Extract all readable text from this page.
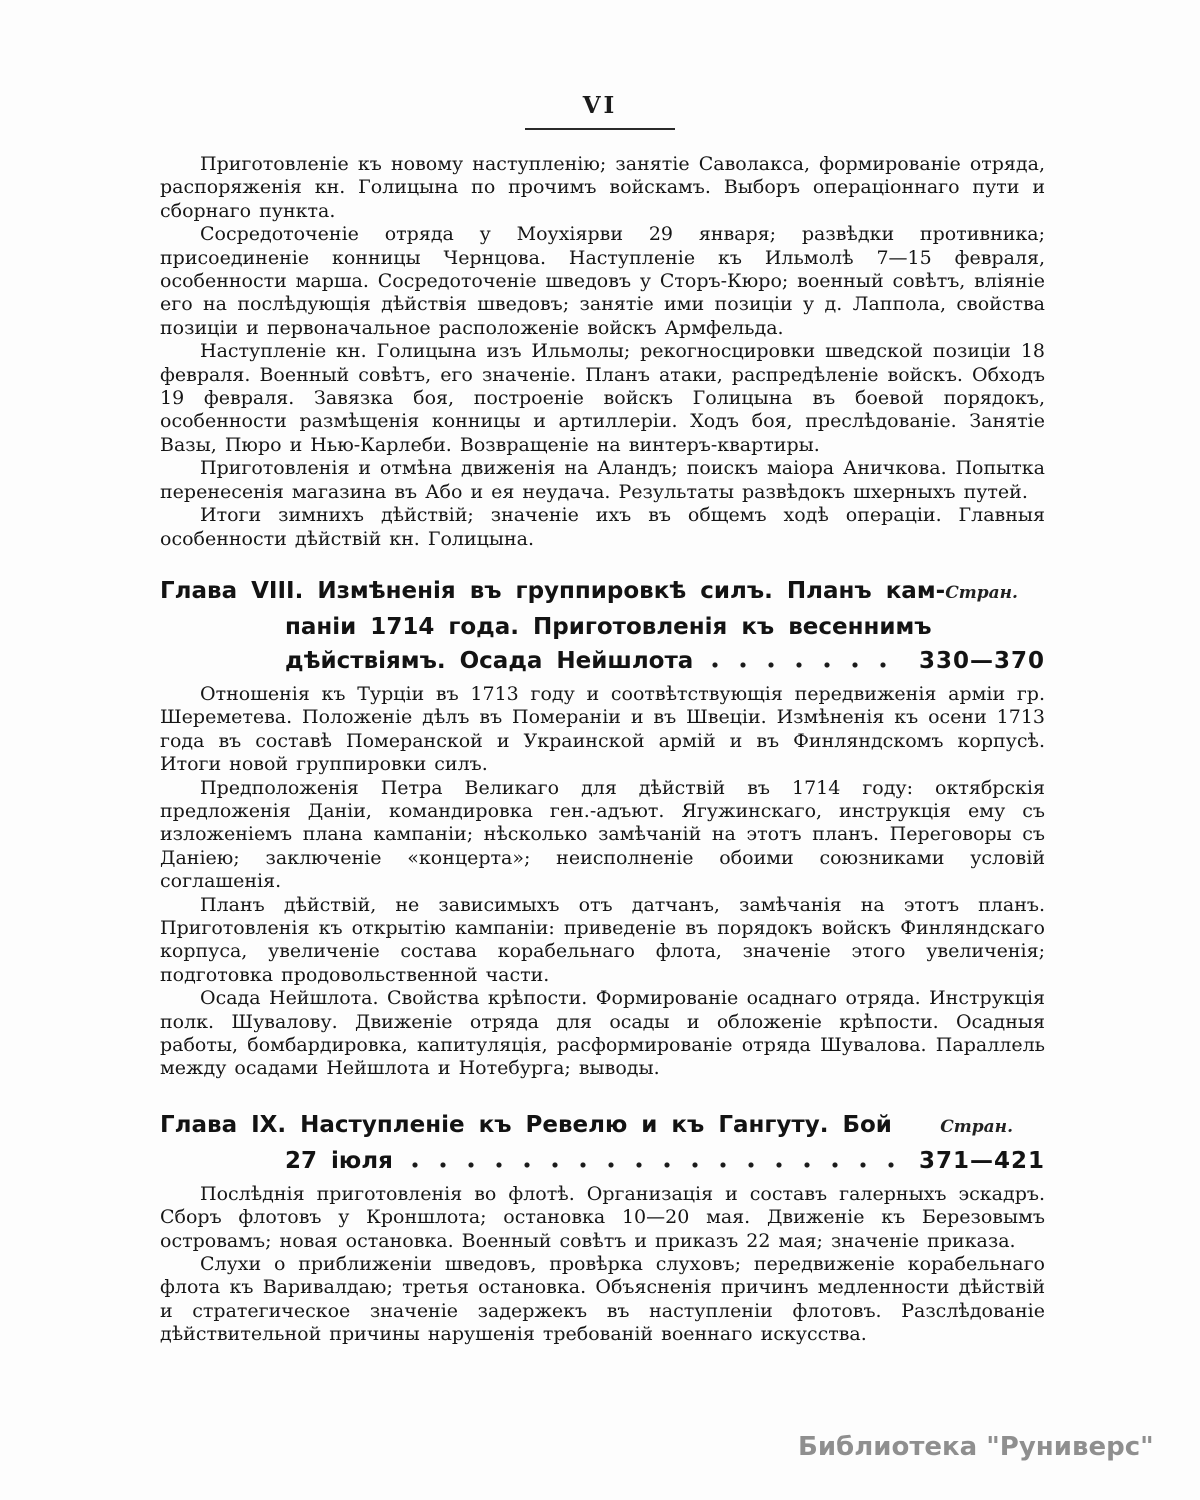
VI

Приготовленіе къ новому наступленію; занятіе Саволакса, формированіе отряда, распоряженія кн. Голицына по прочимъ войскамъ. Выборъ операціоннаго пути и сборнаго пункта.

Сосредоточеніе отряда у Моухіярви 29 января; развѣдки противника; присоединеніе конницы Чернцова. Наступленіе къ Ильмолѣ 7—15 февраля, особенности марша. Сосредоточеніе шведовъ у Сторъ-Кюро; военный совѣтъ, вліяніе его на послѣдующія дѣйствія шведовъ; занятіе ими позиціи у д. Лаппола, свойства позиціи и первоначальное расположеніе войскъ Армфельда.

Наступленіе кн. Голицына изъ Ильмолы; рекогносцировки шведской позиціи 18 февраля. Военный совѣтъ, его значеніе. Планъ атаки, распредѣленіе войскъ. Обходъ 19 февраля. Завязка боя, построеніе войскъ Голицына въ боевой порядокъ, особенности размѣщенія конницы и артиллеріи. Ходъ боя, преслѣдованіе. Занятіе Вазы, Пюро и Нью-Карлеби. Возвращеніе на винтеръ-квартиры.

Приготовленія и отмѣна движенія на Аландъ; поискъ маіора Аничкова. Попытка перенесенія магазина въ Або и ея неудача. Результаты развѣдокъ шхерныхъ путей.

Итоги зимнихъ дѣйствій; значеніе ихъ въ общемъ ходѣ операціи. Главныя особенности дѣйствій кн. Голицына.

Глава VIII. Измѣненія въ группировкѣ силъ. Планъ кам- Стран.
паніи 1714 года. Приготовленія къ весеннимъ
дѣйствіямъ. Осада Нейшлота	330—370

Отношенія къ Турціи въ 1713 году и соотвѣтствующія передвиженія арміи гр. Шереметева. Положеніе дѣлъ въ Помераніи и въ Швеціи. Измѣненія къ осени 1713 года въ составѣ Померанской и Украинской армій и въ Финляндскомъ корпусѣ. Итоги новой группировки силъ.

Предположенія Петра Великаго для дѣйствій въ 1714 году: октябрскія предложенія Даніи, командировка ген.-адъют. Ягужинскаго, инструкція ему съ изложеніемъ плана кампаніи; нѣсколько замѣчаній на этотъ планъ. Переговоры съ Даніею; заключеніе «концерта»; неисполненіе обоими союзниками условій соглашенія.

Планъ дѣйствій, не зависимыхъ отъ датчанъ, замѣчанія на этотъ планъ. Приготовленія къ открытію кампаніи: приведеніе въ порядокъ войскъ Финляндскаго корпуса, увеличеніе состава корабельнаго флота, значеніе этого увеличенія; подготовка продовольственной части.

Осада Нейшлота. Свойства крѣпости. Формированіе осаднаго отряда. Инструкція полк. Шувалову. Движеніе отряда для осады и обложеніе крѣпости. Осадныя работы, бомбардировка, капитуляція, расформированіе отряда Шувалова. Параллель между осадами Нейшлота и Нотебурга; выводы.

Глава IX. Наступленіе къ Ревелю и къ Гангуту. Бой	Стран.
27 іюля	371—421

Послѣднія приготовленія во флотѣ. Организація и составъ галерныхъ эскадръ. Сборъ флотовъ у Кроншлота; остановка 10—20 мая. Движеніе къ Березовымъ островамъ; новая остановка. Военный совѣтъ и приказъ 22 мая; значеніе приказа.

Слухи о приближеніи шведовъ, провѣрка слуховъ; передвиженіе корабельнаго флота къ Варивалдаю; третья остановка. Объясненія причинъ медленности дѣйствій и стратегическое значеніе задержекъ въ наступленіи флотовъ. Разслѣдованіе дѣйствительной причины нарушенія требованій военнаго искусства.

Библиотека "Руниверс"
